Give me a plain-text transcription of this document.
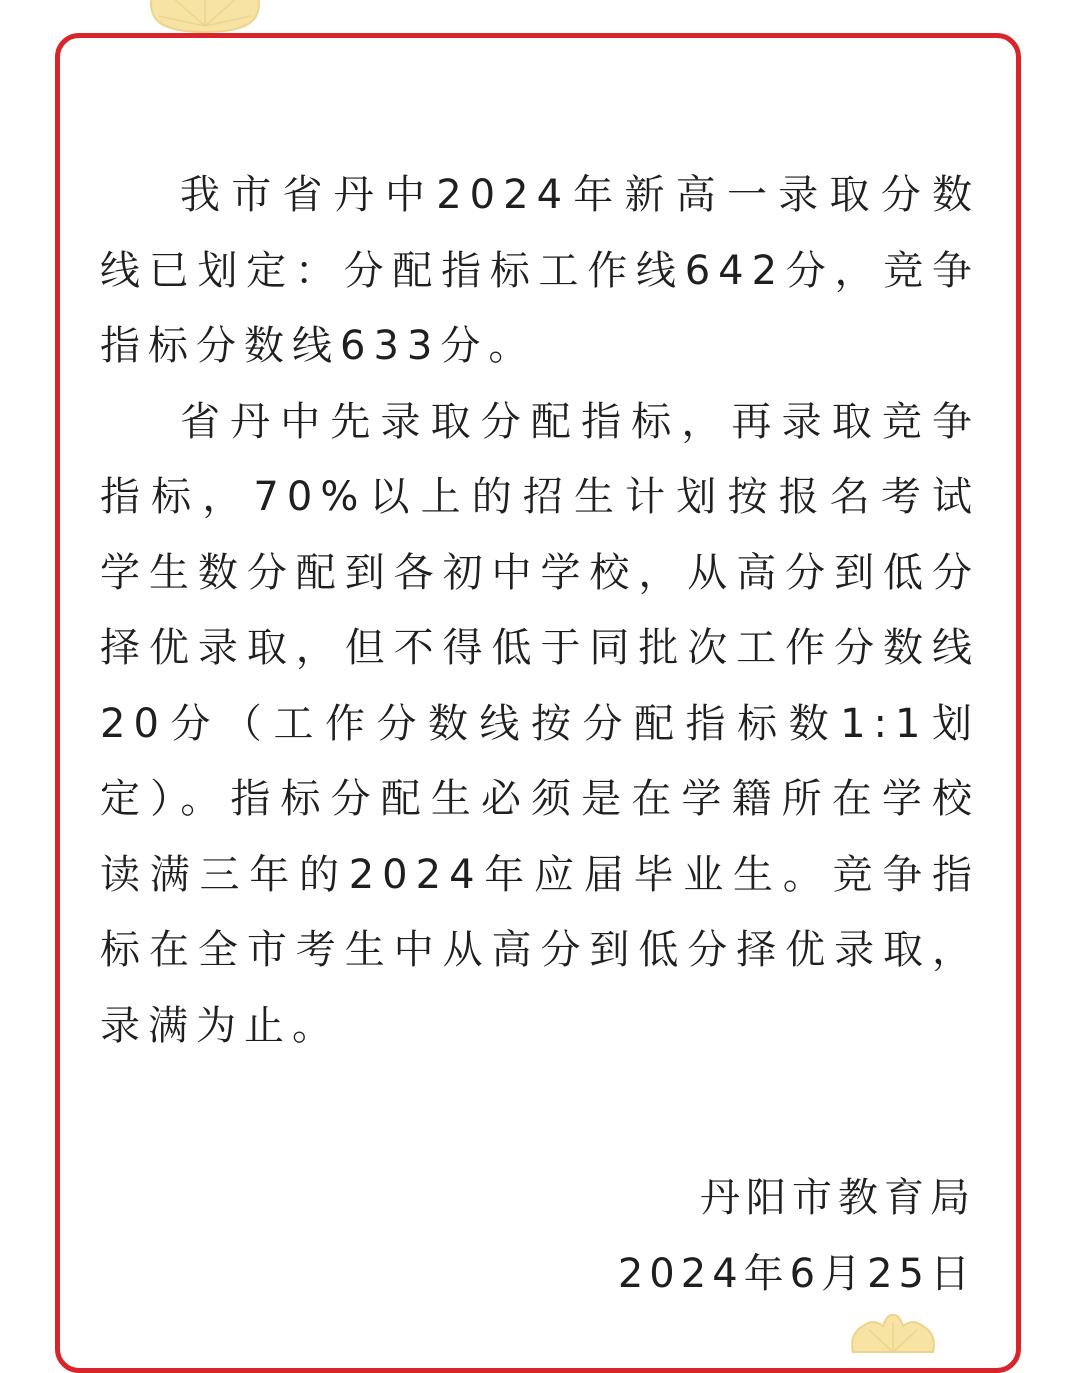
我市省丹中2024年新高一录取分数线已划定：分配指标工作线642分，竞争指标分数线633分。

省丹中先录取分配指标，再录取竞争指标，70%以上的招生计划按报名考试学生数分配到各初中学校，从高分到低分择优录取，但不得低于同批次工作分数线20分（工作分数线按分配指标数1:1划定）。指标分配生必须是在学籍所在学校读满三年的2024年应届毕业生。竞争指标在全市考生中从高分到低分择优录取，录满为止。

丹阳市教育局
2024年6月25日
